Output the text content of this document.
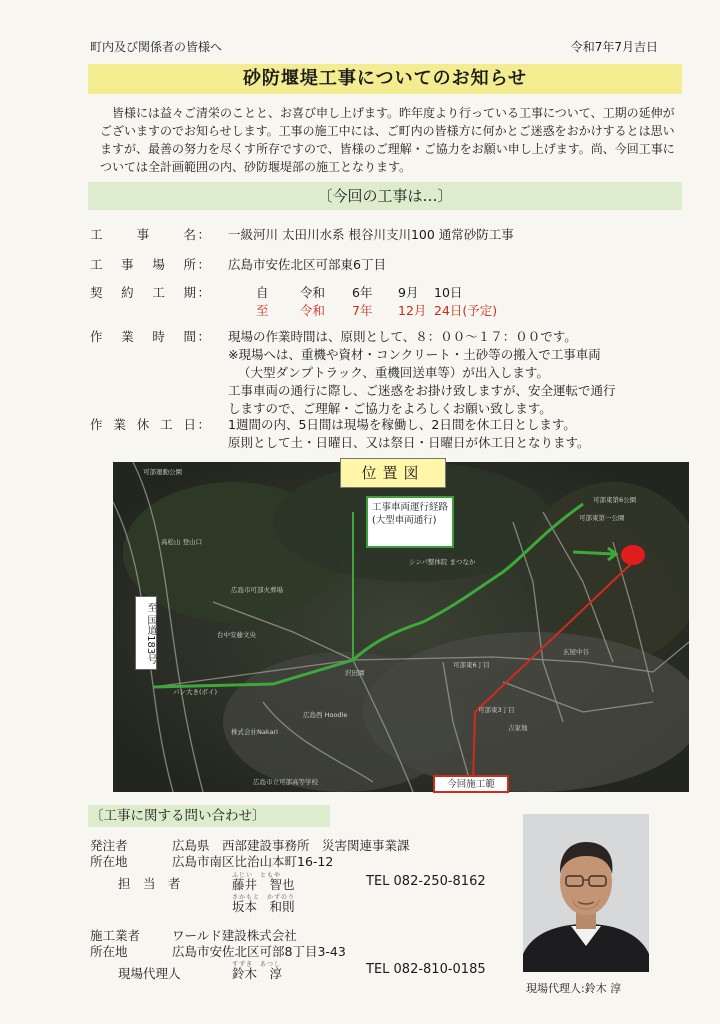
町内及び関係者の皆様へ	令和7年7月吉日
砂防堰堤工事についてのお知らせ

皆様には益々ご清栄のことと、お喜び申し上げます。昨年度より行っている工事について、工期の延伸がございますのでお知らせします。工事の施工中には、ご町内の皆様方に何かとご迷惑をおかけするとは思いますが、最善の努力を尽くす所存ですので、皆様のご理解・ご協力をお願い申し上げます。尚、今回工事については全計画範囲の内、砂防堰堤部の施工となります。

〔今回の工事は…〕
工	事	名 ： 一級河川 太田川水系 根谷川支川100 通常砂防工事
工 事 場 所 ： 広島市安佐北区可部東6丁目
契 約 工 期 ：	自	令和 6年 9月 10日
至	令和 7年 12月 24日(予定)
作 業 時 間 ： 現場の作業時間は、原則として、８：００～１７：００です。
※現場へは、重機や資材・コンクリート・土砂等の搬入で工事車両
（大型ダンプトラック、重機回送車等）が出入します。
工事車両の通行に際し、ご迷惑をお掛け致しますが、安全運転で通行
しますので、ご理解・ご協力をよろしくお願い致します。
作 業 休 工 日 ： 1週間の内、5日間は現場を稼働し、2日間を休工日とします。
原則として土・日曜日、又は祭日・日曜日が休工日となります。
可部運動公園
高松山 登山口
広島市可部火葬場
台中安藤文央
パン大き(ボイ)
沢田園
可部東6丁目
可部東第6公園
玄屋中谷
株式会社Nakari
広島西 Hoodle
シンパ整体院 まつなか
可部東第一公園
可部東3丁目
広島市立可部高等学校
吉家地
位置図
工事車両運行経路
(大型車両通行)
至 国道183号
今回施工範
〔工事に関する問い合わせ〕
発注者	広島県　西部建設事務所　災害関連事業課
所在地	広島市南区比治山本町16-12
担　当　者
ふじい　ともや
藤井　智也
さかもと　かずのり
坂本　和則
TEL 082-250-8162
施工業者	ワールド建設株式会社
所在地	広島市安佐北区可部8丁目3-43
現場代理人
すずき　あつし
鈴木　淳	TEL 082-810-0185
現場代理人:鈴木 淳
